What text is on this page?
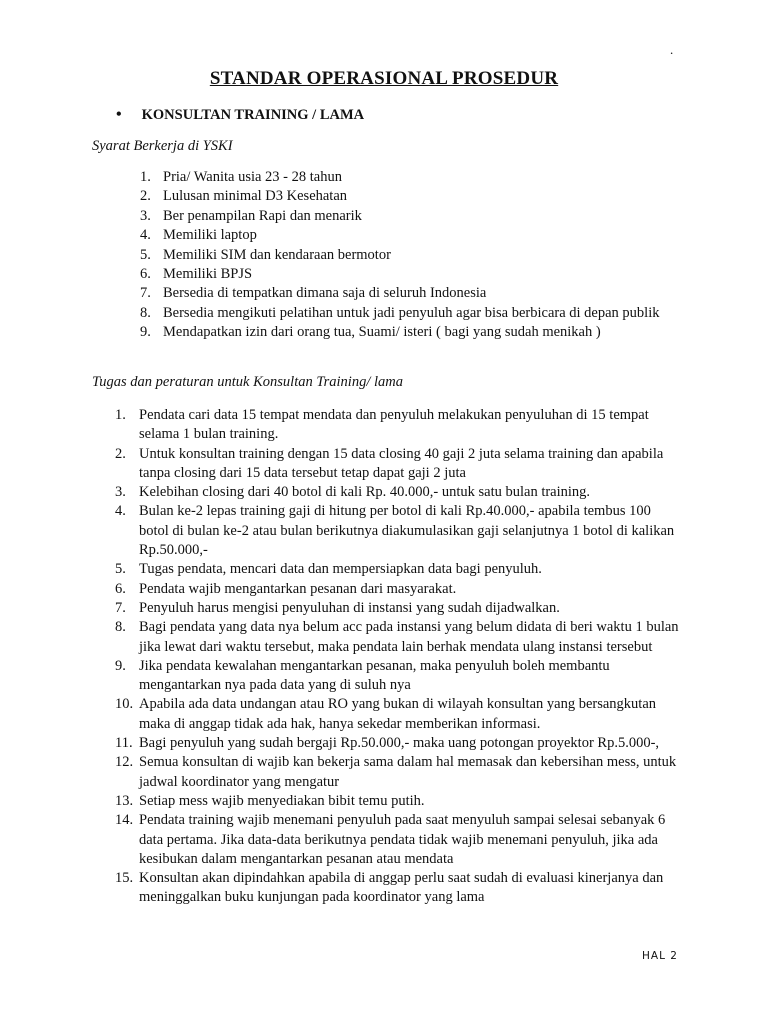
.
STANDAR OPERASIONAL PROSEDUR
• KONSULTAN TRAINING / LAMA
Syarat Berkerja di YSKI
1. Pria/ Wanita usia 23 - 28 tahun
2. Lulusan minimal D3 Kesehatan
3. Ber penampilan Rapi dan menarik
4. Memiliki laptop
5. Memiliki SIM dan kendaraan bermotor
6. Memiliki BPJS
7. Bersedia di tempatkan dimana saja di seluruh Indonesia
8. Bersedia mengikuti pelatihan untuk jadi penyuluh agar bisa berbicara di depan publik
9. Mendapatkan izin dari orang tua, Suami/ isteri ( bagi yang sudah menikah )
Tugas dan peraturan untuk Konsultan Training/ lama
1. Pendata cari data 15 tempat mendata dan penyuluh melakukan penyuluhan di 15 tempat selama 1 bulan training.
2. Untuk konsultan training dengan 15 data closing 40 gaji 2 juta selama training dan apabila tanpa closing dari 15 data tersebut tetap dapat gaji 2 juta
3. Kelebihan closing dari 40 botol di kali Rp. 40.000,- untuk satu bulan training.
4. Bulan ke-2 lepas training gaji di hitung per botol di kali Rp.40.000,- apabila tembus 100 botol di bulan ke-2 atau bulan berikutnya diakumulasikan gaji selanjutnya 1 botol di kalikan Rp.50.000,-
5. Tugas pendata, mencari data dan mempersiapkan data bagi penyuluh.
6. Pendata wajib mengantarkan pesanan dari masyarakat.
7. Penyuluh harus mengisi penyuluhan di instansi yang sudah dijadwalkan.
8. Bagi pendata yang data nya belum acc pada instansi yang belum didata di beri waktu 1 bulan jika lewat dari waktu tersebut, maka pendata lain berhak mendata ulang instansi tersebut
9. Jika pendata kewalahan mengantarkan pesanan, maka penyuluh boleh membantu mengantarkan nya pada data yang di suluh nya
10. Apabila ada data undangan atau RO yang bukan di wilayah konsultan yang bersangkutan maka di anggap tidak ada hak, hanya sekedar memberikan informasi.
11. Bagi penyuluh yang sudah bergaji Rp.50.000,- maka uang potongan proyektor Rp.5.000-,
12. Semua konsultan di wajib kan bekerja sama dalam hal memasak dan kebersihan mess, untuk jadwal koordinator yang mengatur
13. Setiap mess wajib menyediakan bibit temu putih.
14. Pendata training wajib menemani penyuluh pada saat menyuluh sampai selesai sebanyak 6 data pertama. Jika data-data berikutnya pendata tidak wajib menemani penyuluh, jika ada kesibukan dalam mengantarkan pesanan atau mendata
15. Konsultan akan dipindahkan apabila di anggap perlu saat sudah di evaluasi kinerjanya dan meninggalkan buku kunjungan pada koordinator yang lama
HAL 2
